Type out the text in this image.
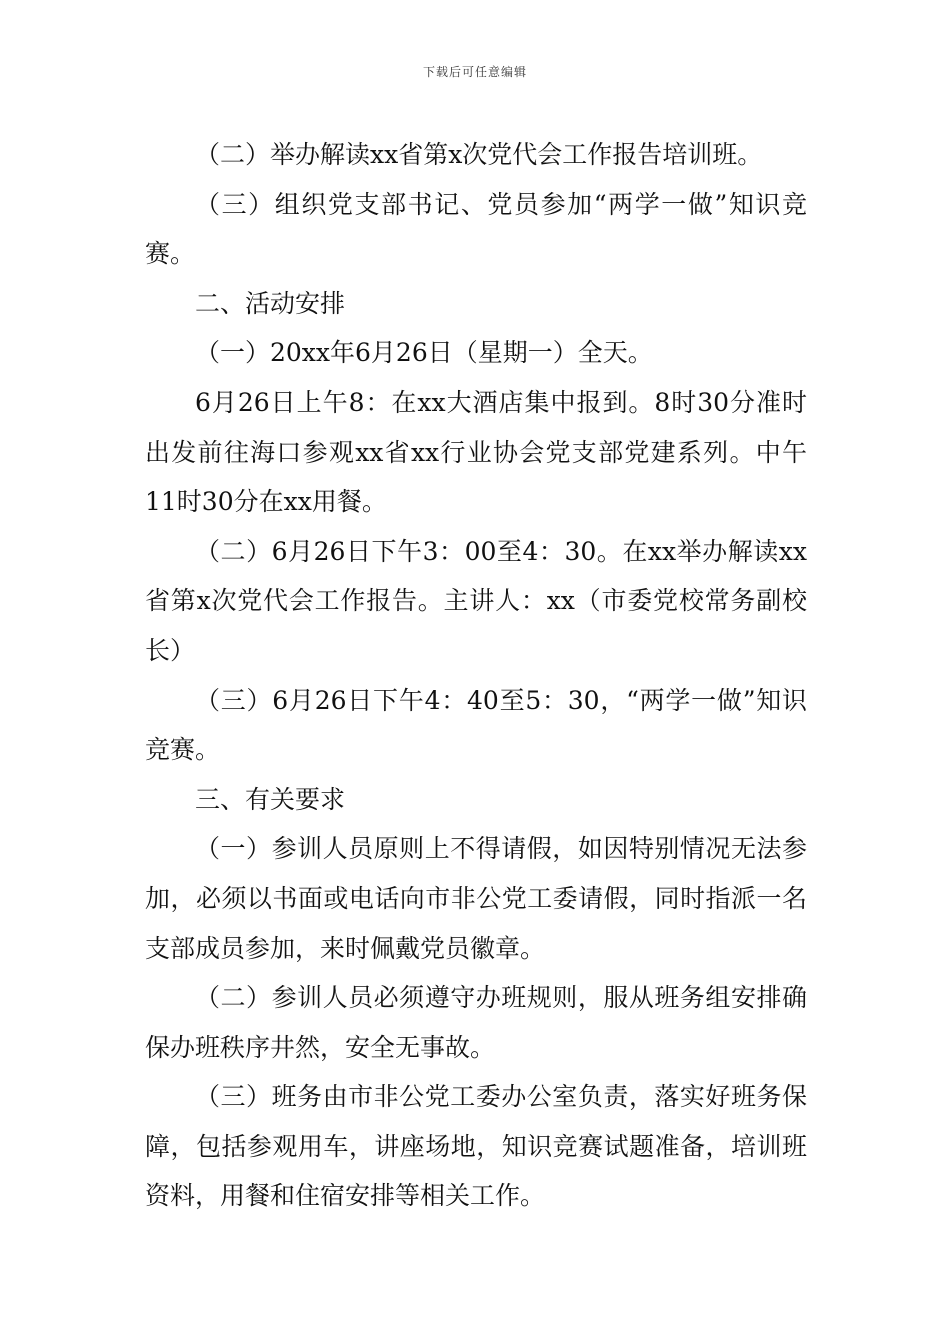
下载后可任意编辑

（二）举办解读xx省第x次党代会工作报告培训班。

（三）组织党支部书记、党员参加“两学一做”知识竞赛。

二、活动安排

（一）20xx年6月26日（星期一）全天。

6月26日上午8：在xx大酒店集中报到。8时30分准时出发前往海口参观xx省xx行业协会党支部党建系列。中午11时30分在xx用餐。

（二）6月26日下午3：00至4：30。在xx举办解读xx省第x次党代会工作报告。主讲人：xx（市委党校常务副校长）

（三）6月26日下午4：40至5：30，“两学一做”知识竞赛。

三、有关要求

（一）参训人员原则上不得请假，如因特别情况无法参加，必须以书面或电话向市非公党工委请假，同时指派一名支部成员参加，来时佩戴党员徽章。

（二）参训人员必须遵守办班规则，服从班务组安排确保办班秩序井然，安全无事故。

（三）班务由市非公党工委办公室负责，落实好班务保障，包括参观用车，讲座场地，知识竞赛试题准备，培训班资料，用餐和住宿安排等相关工作。
